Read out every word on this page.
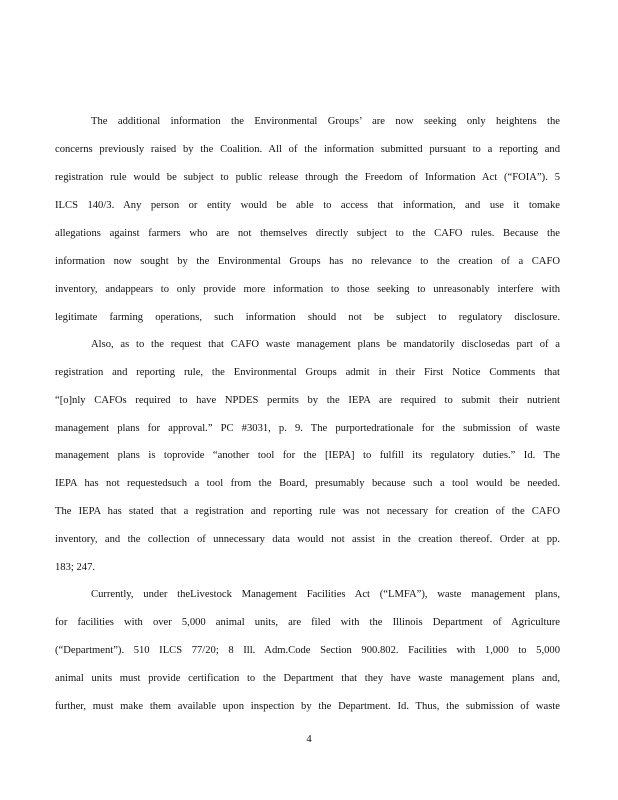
The additional information the Environmental Groups’ are now seeking only heightens the
concerns previously raised by the Coalition. All of the information submitted pursuant to a reporting and
registration rule would be subject to public release through the Freedom of Information Act (“FOIA”). 5
ILCS 140/3. Any person or entity would be able to access that information, and use it tomake
allegations against farmers who are not themselves directly subject to the CAFO rules. Because the
information now sought by the Environmental Groups has no relevance to the creation of a CAFO
inventory, andappears to only provide more information to those seeking to unreasonably interfere with
legitimate farming operations, such information should not be subject to regulatory disclosure.
Also, as to the request that CAFO waste management plans be mandatorily disclosedas part of a
registration and reporting rule, the Environmental Groups admit in their First Notice Comments that
“[o]nly CAFOs required to have NPDES permits by the IEPA are required to submit their nutrient
management plans for approval.” PC #3031, p. 9. The purportedrationale for the submission of waste
management plans is toprovide “another tool for the [IEPA] to fulfill its regulatory duties.” Id. The
IEPA has not requestedsuch a tool from the Board, presumably because such a tool would be needed.
The IEPA has stated that a registration and reporting rule was not necessary for creation of the CAFO
inventory, and the collection of unnecessary data would not assist in the creation thereof. Order at pp.
183; 247.
Currently, under theLivestock Management Facilities Act (“LMFA”), waste management plans,
for facilities with over 5,000 animal units, are filed with the Illinois Department of Agriculture
(“Department”). 510 ILCS 77/20; 8 Ill. Adm.Code Section 900.802. Facilities with 1,000 to 5,000
animal units must provide certification to the Department that they have waste management plans and,
further, must make them available upon inspection by the Department. Id. Thus, the submission of waste
4
